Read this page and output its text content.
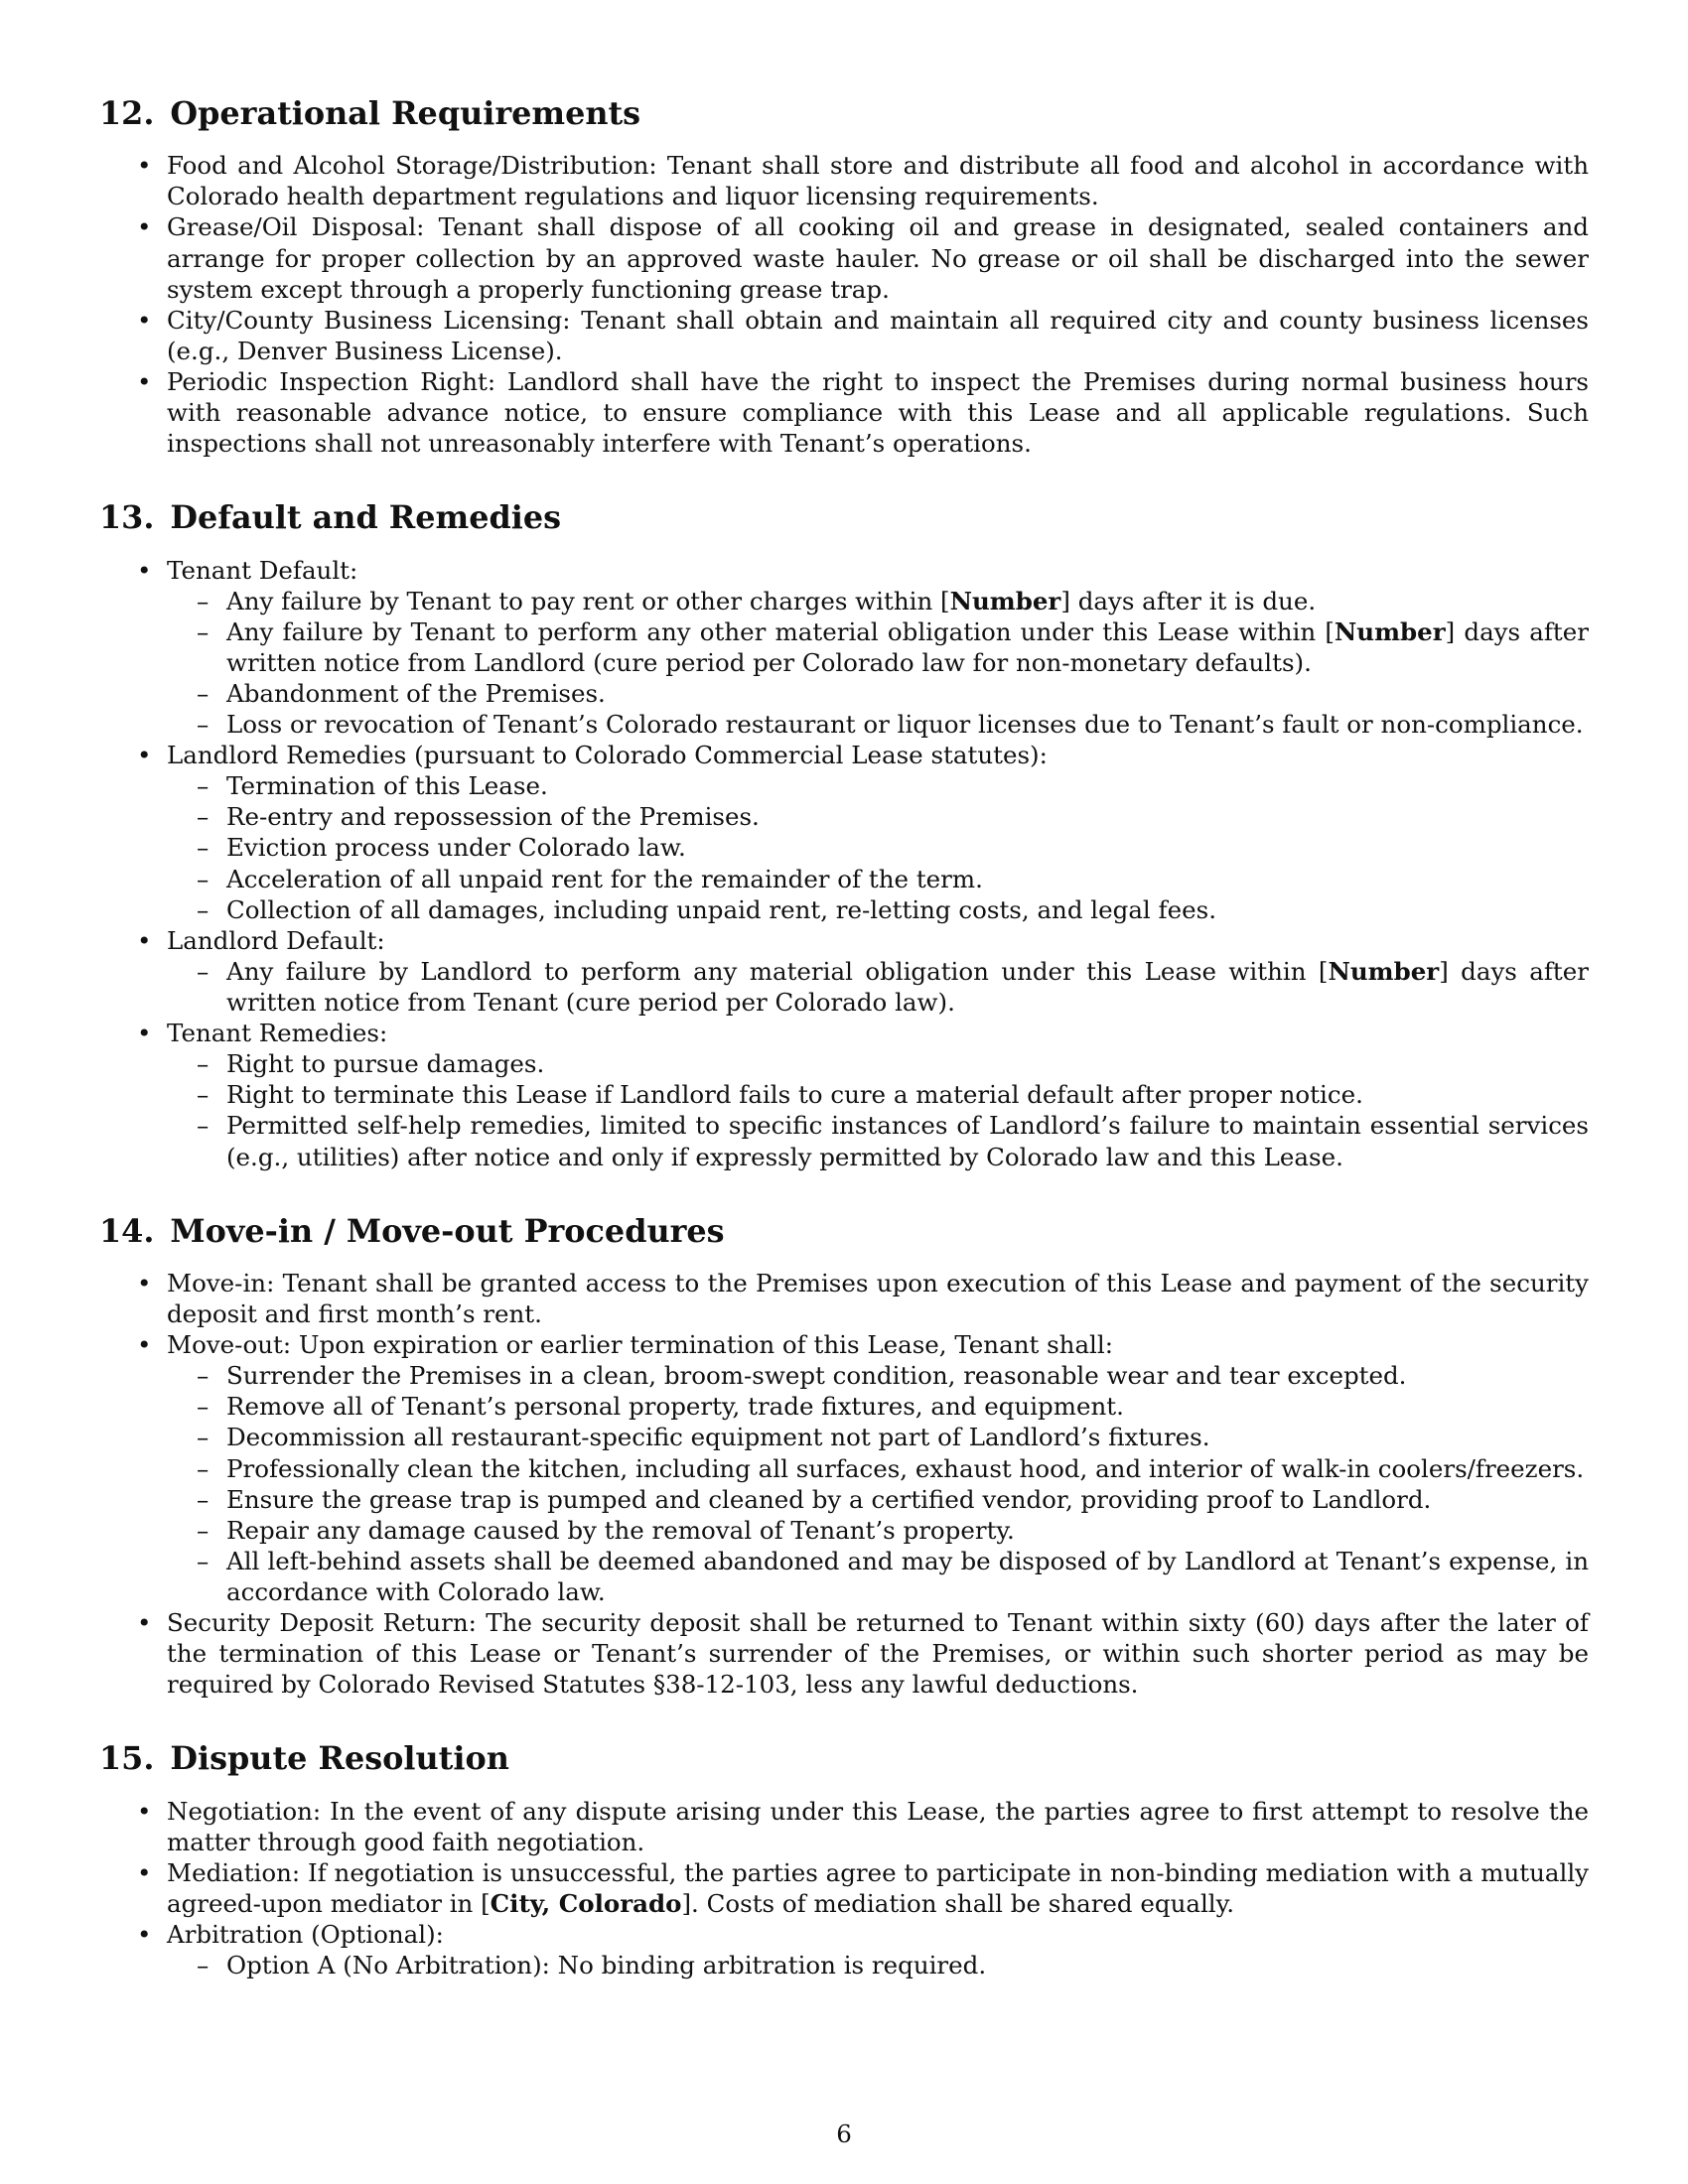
12. Operational Requirements
• Food and Alcohol Storage/Distribution: Tenant shall store and distribute all food and alcohol in accordance with Colorado health department regulations and liquor licensing requirements.
• Grease/Oil Disposal: Tenant shall dispose of all cooking oil and grease in designated, sealed containers and arrange for proper collection by an approved waste hauler. No grease or oil shall be discharged into the sewer system except through a properly functioning grease trap.
• City/County Business Licensing: Tenant shall obtain and maintain all required city and county business licenses (e.g., Denver Business License).
• Periodic Inspection Right: Landlord shall have the right to inspect the Premises during normal business hours with reasonable advance notice, to ensure compliance with this Lease and all applicable regulations. Such inspections shall not unreasonably interfere with Tenant’s operations.
13. Default and Remedies
• Tenant Default:
– Any failure by Tenant to pay rent or other charges within [Number] days after it is due.
– Any failure by Tenant to perform any other material obligation under this Lease within [Number] days after written notice from Landlord (cure period per Colorado law for non-monetary defaults).
– Abandonment of the Premises.
– Loss or revocation of Tenant’s Colorado restaurant or liquor licenses due to Tenant’s fault or non-compliance.
• Landlord Remedies (pursuant to Colorado Commercial Lease statutes):
– Termination of this Lease.
– Re-entry and repossession of the Premises.
– Eviction process under Colorado law.
– Acceleration of all unpaid rent for the remainder of the term.
– Collection of all damages, including unpaid rent, re-letting costs, and legal fees.
• Landlord Default:
– Any failure by Landlord to perform any material obligation under this Lease within [Number] days after written notice from Tenant (cure period per Colorado law).
• Tenant Remedies:
– Right to pursue damages.
– Right to terminate this Lease if Landlord fails to cure a material default after proper notice.
– Permitted self-help remedies, limited to specific instances of Landlord’s failure to maintain essential services (e.g., utilities) after notice and only if expressly permitted by Colorado law and this Lease.
14. Move-in / Move-out Procedures
• Move-in: Tenant shall be granted access to the Premises upon execution of this Lease and payment of the security deposit and first month’s rent.
• Move-out: Upon expiration or earlier termination of this Lease, Tenant shall:
– Surrender the Premises in a clean, broom-swept condition, reasonable wear and tear excepted.
– Remove all of Tenant’s personal property, trade fixtures, and equipment.
– Decommission all restaurant-specific equipment not part of Landlord’s fixtures.
– Professionally clean the kitchen, including all surfaces, exhaust hood, and interior of walk-in coolers/freezers.
– Ensure the grease trap is pumped and cleaned by a certified vendor, providing proof to Landlord.
– Repair any damage caused by the removal of Tenant’s property.
– All left-behind assets shall be deemed abandoned and may be disposed of by Landlord at Tenant’s expense, in accordance with Colorado law.
• Security Deposit Return: The security deposit shall be returned to Tenant within sixty (60) days after the later of the termination of this Lease or Tenant’s surrender of the Premises, or within such shorter period as may be required by Colorado Revised Statutes §38-12-103, less any lawful deductions.
15. Dispute Resolution
• Negotiation: In the event of any dispute arising under this Lease, the parties agree to first attempt to resolve the matter through good faith negotiation.
• Mediation: If negotiation is unsuccessful, the parties agree to participate in non-binding mediation with a mutually agreed-upon mediator in [City, Colorado]. Costs of mediation shall be shared equally.
• Arbitration (Optional):
– Option A (No Arbitration): No binding arbitration is required.
6
